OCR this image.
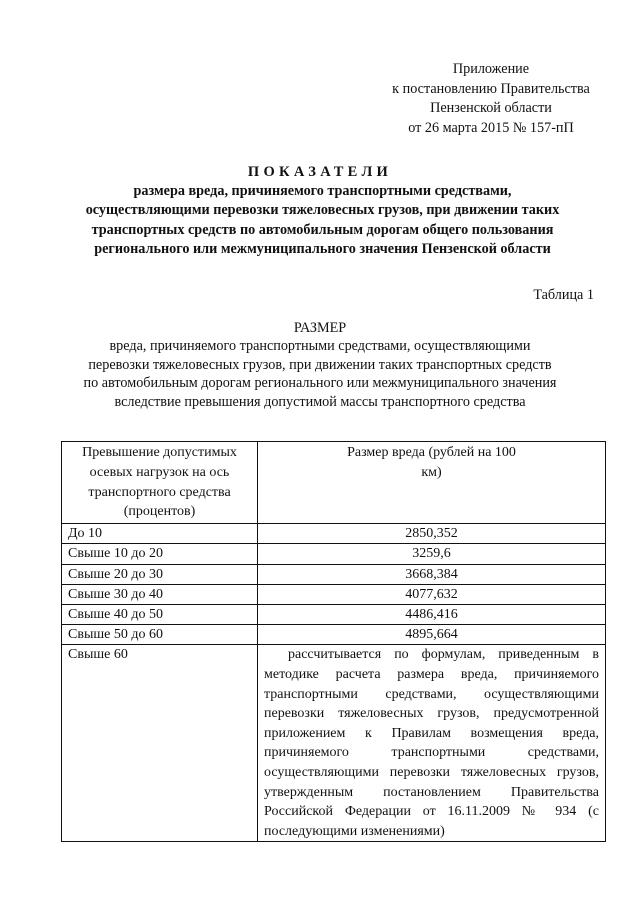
Приложение
к постановлению Правительства
Пензенской области
от 26 марта 2015 № 157-пП
ПОКАЗАТЕЛИ
размера вреда, причиняемого транспортными средствами, осуществляющими перевозки тяжеловесных грузов, при движении таких транспортных средств по автомобильным дорогам общего пользования регионального или межмуниципального значения Пензенской области
Таблица 1
РАЗМЕР
вреда, причиняемого транспортными средствами, осуществляющими перевозки тяжеловесных грузов, при движении таких транспортных средств по автомобильным дорогам регионального или межмуниципального значения вследствие превышения допустимой массы транспортного средства
Превышение допустимых осевых нагрузок на ось транспортного средства (процентов)	Размер вреда (рублей на 100 км)

До 10	2850,352
Свыше 10 до 20	3259,6
Свыше 20 до 30	3668,384
Свыше 30 до 40	4077,632
Свыше 40 до 50	4486,416
Свыше 50 до 60	4895,664
Свыше 60	рассчитывается по формулам, приведенным в методике расчета размера вреда, причиняемого транспортными средствами, осуществляющими перевозки тяжеловесных грузов, предусмотренной приложением к Правилам возмещения вреда, причиняемого транспортными средствами, осуществляющими перевозки тяжеловесных грузов, утвержденным постановлением Правительства Российской Федерации от 16.11.2009 № 934 (с последующими изменениями)
